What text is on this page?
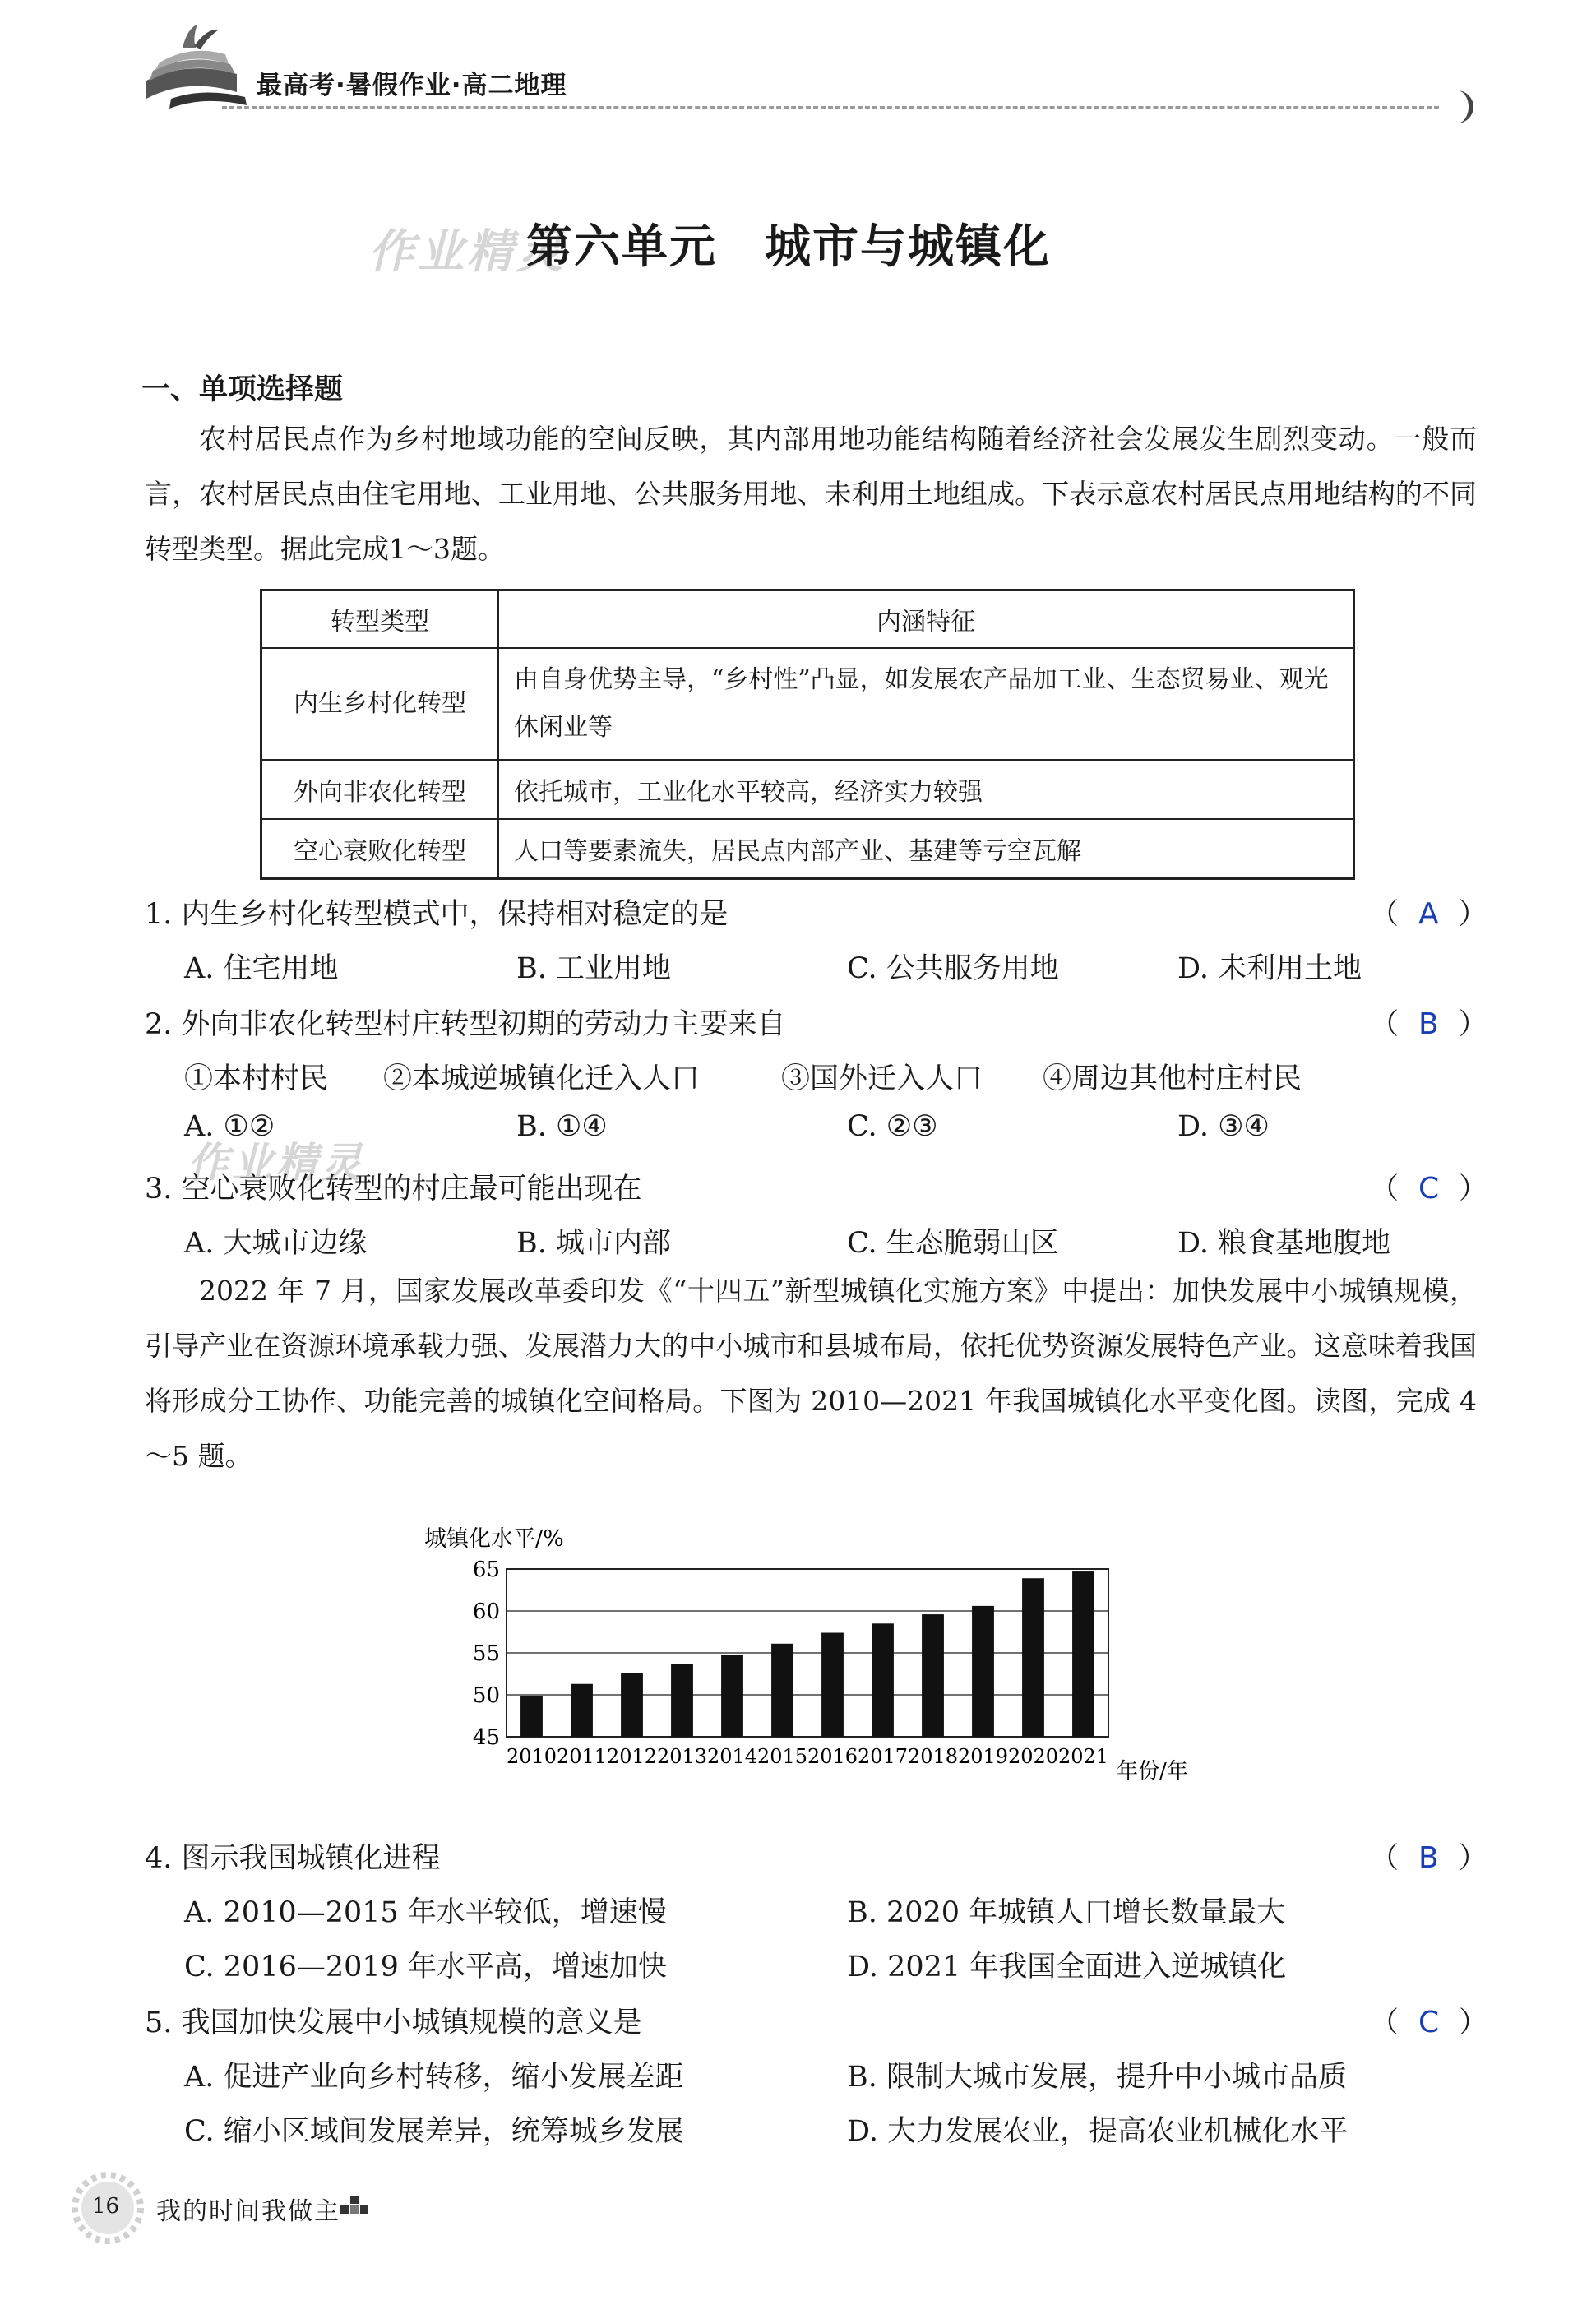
最高考·暑假作业·高二地理
作业精灵
第六单元　城市与城镇化
一、单项选择题

农村居民点作为乡村地域功能的空间反映，其内部用地功能结构随着经济社会发展发生剧烈变动。一般而言，农村居民点由住宅用地、工业用地、公共服务用地、未利用土地组成。下表示意农村居民点用地结构的不同转型类型。据此完成1～3题。

转型类型	内涵特征
内生乡村化转型	由自身优势主导，“乡村性”凸显，如发展农产品加工业、生态贸易业、观光休闲业等
外向非农化转型	依托城市，工业化水平较高，经济实力较强
空心衰败化转型	人口等要素流失，居民点内部产业、基建等亏空瓦解
1. 内生乡村化转型模式中，保持相对稳定的是	（ A ）
A. 住宅用地	B. 工业用地	C. 公共服务用地	D. 未利用土地
2. 外向非农化转型村庄转型初期的劳动力主要来自	（ B ）
①本村村民 ②本城逆城镇化迁入人口	③国外迁入人口 ④周边其他村庄村民
A. ①②	B. ①④	C. ②③	D. ③④
作业精灵
3. 空心衰败化转型的村庄最可能出现在	（ C ）
A. 大城市边缘	B. 城市内部	C. 生态脆弱山区	D. 粮食基地腹地

2022 年 7 月，国家发展改革委印发《“十四五”新型城镇化实施方案》中提出：加快发展中小城镇规模，引导产业在资源环境承载力强、发展潜力大的中小城市和县城布局，依托优势资源发展特色产业。这意味着我国将形成分工协作、功能完善的城镇化空间格局。下图为 2010—2021 年我国城镇化水平变化图。读图，完成 4～5 题。

城镇化水平/%
45
50
55
60
65
2010 2011 2012 2013 2014 2015 2016 2017 2018 2019 2020 2021
年份/年
4. 图示我国城镇化进程	（ B ）
A. 2010—2015 年水平较低，增速慢	B. 2020 年城镇人口增长数量最大
C. 2016—2019 年水平高，增速加快	D. 2021 年我国全面进入逆城镇化
5. 我国加快发展中小城镇规模的意义是	（ C ）
A. 促进产业向乡村转移，缩小发展差距	B. 限制大城市发展，提升中小城市品质
C. 缩小区域间发展差异，统筹城乡发展	D. 大力发展农业，提高农业机械化水平
16 我的时间我做主
